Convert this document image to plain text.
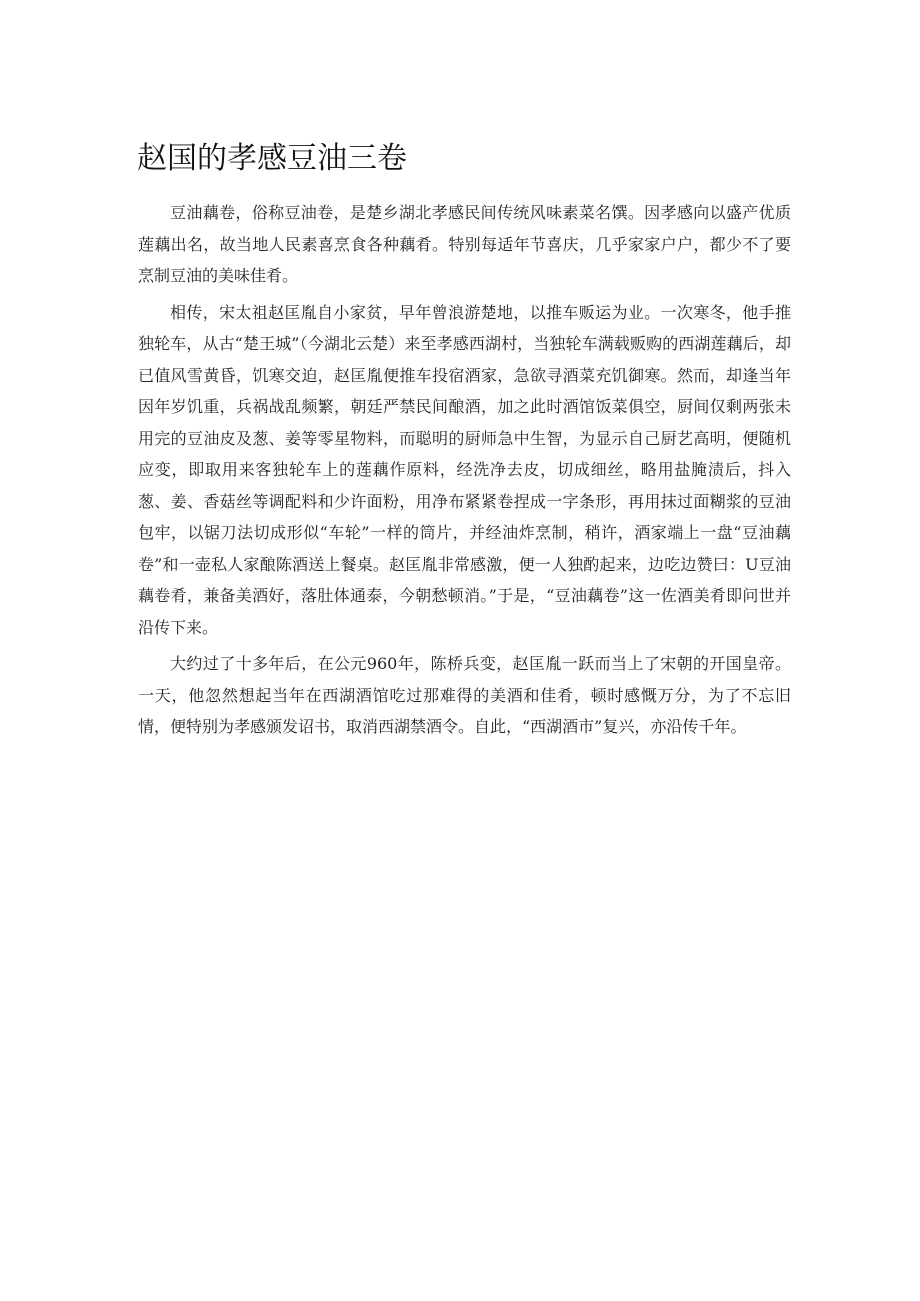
赵国的孝感豆油三卷

豆油藕卷，俗称豆油卷，是楚乡湖北孝感民间传统风味素菜名馔。因孝感向以盛产优质莲藕出名，故当地人民素喜烹食各种藕肴。特别每适年节喜庆，几乎家家户户，都少不了要烹制豆油的美味佳肴。

相传，宋太祖赵匡胤自小家贫，早年曾浪游楚地，以推车贩运为业。一次寒冬，他手推独轮车，从古“楚王城”（今湖北云楚）来至孝感西湖村，当独轮车满载贩购的西湖莲藕后，却已值风雪黄昏，饥寒交迫，赵匡胤便推车投宿酒家，急欲寻酒菜充饥御寒。然而，却逢当年因年岁饥重，兵祸战乱频繁，朝廷严禁民间酿酒，加之此时酒馆饭菜俱空，厨间仅剩两张未用完的豆油皮及葱、姜等零星物料，而聪明的厨师急中生智，为显示自己厨艺高明，便随机应变，即取用来客独轮车上的莲藕作原料，经洗净去皮，切成细丝，略用盐腌渍后，抖入葱、姜、香菇丝等调配料和少许面粉，用净布紧紧卷捏成一字条形，再用抹过面糊浆的豆油包牢，以锯刀法切成形似“车轮”一样的筒片，并经油炸烹制，稍许，酒家端上一盘“豆油藕卷”和一壶私人家酿陈酒送上餐桌。赵匡胤非常感激，便一人独酌起来，边吃边赞曰：U豆油藕卷肴，兼备美酒好，落肚体通泰，今朝愁顿消。”于是，“豆油藕卷”这一佐酒美肴即问世并沿传下来。

大约过了十多年后，在公元960年，陈桥兵变，赵匡胤一跃而当上了宋朝的开国皇帝。一天，他忽然想起当年在西湖酒馆吃过那难得的美酒和佳肴，顿时感慨万分，为了不忘旧情，便特别为孝感颁发诏书，取消西湖禁酒令。自此，“西湖酒市”复兴，亦沿传千年。
